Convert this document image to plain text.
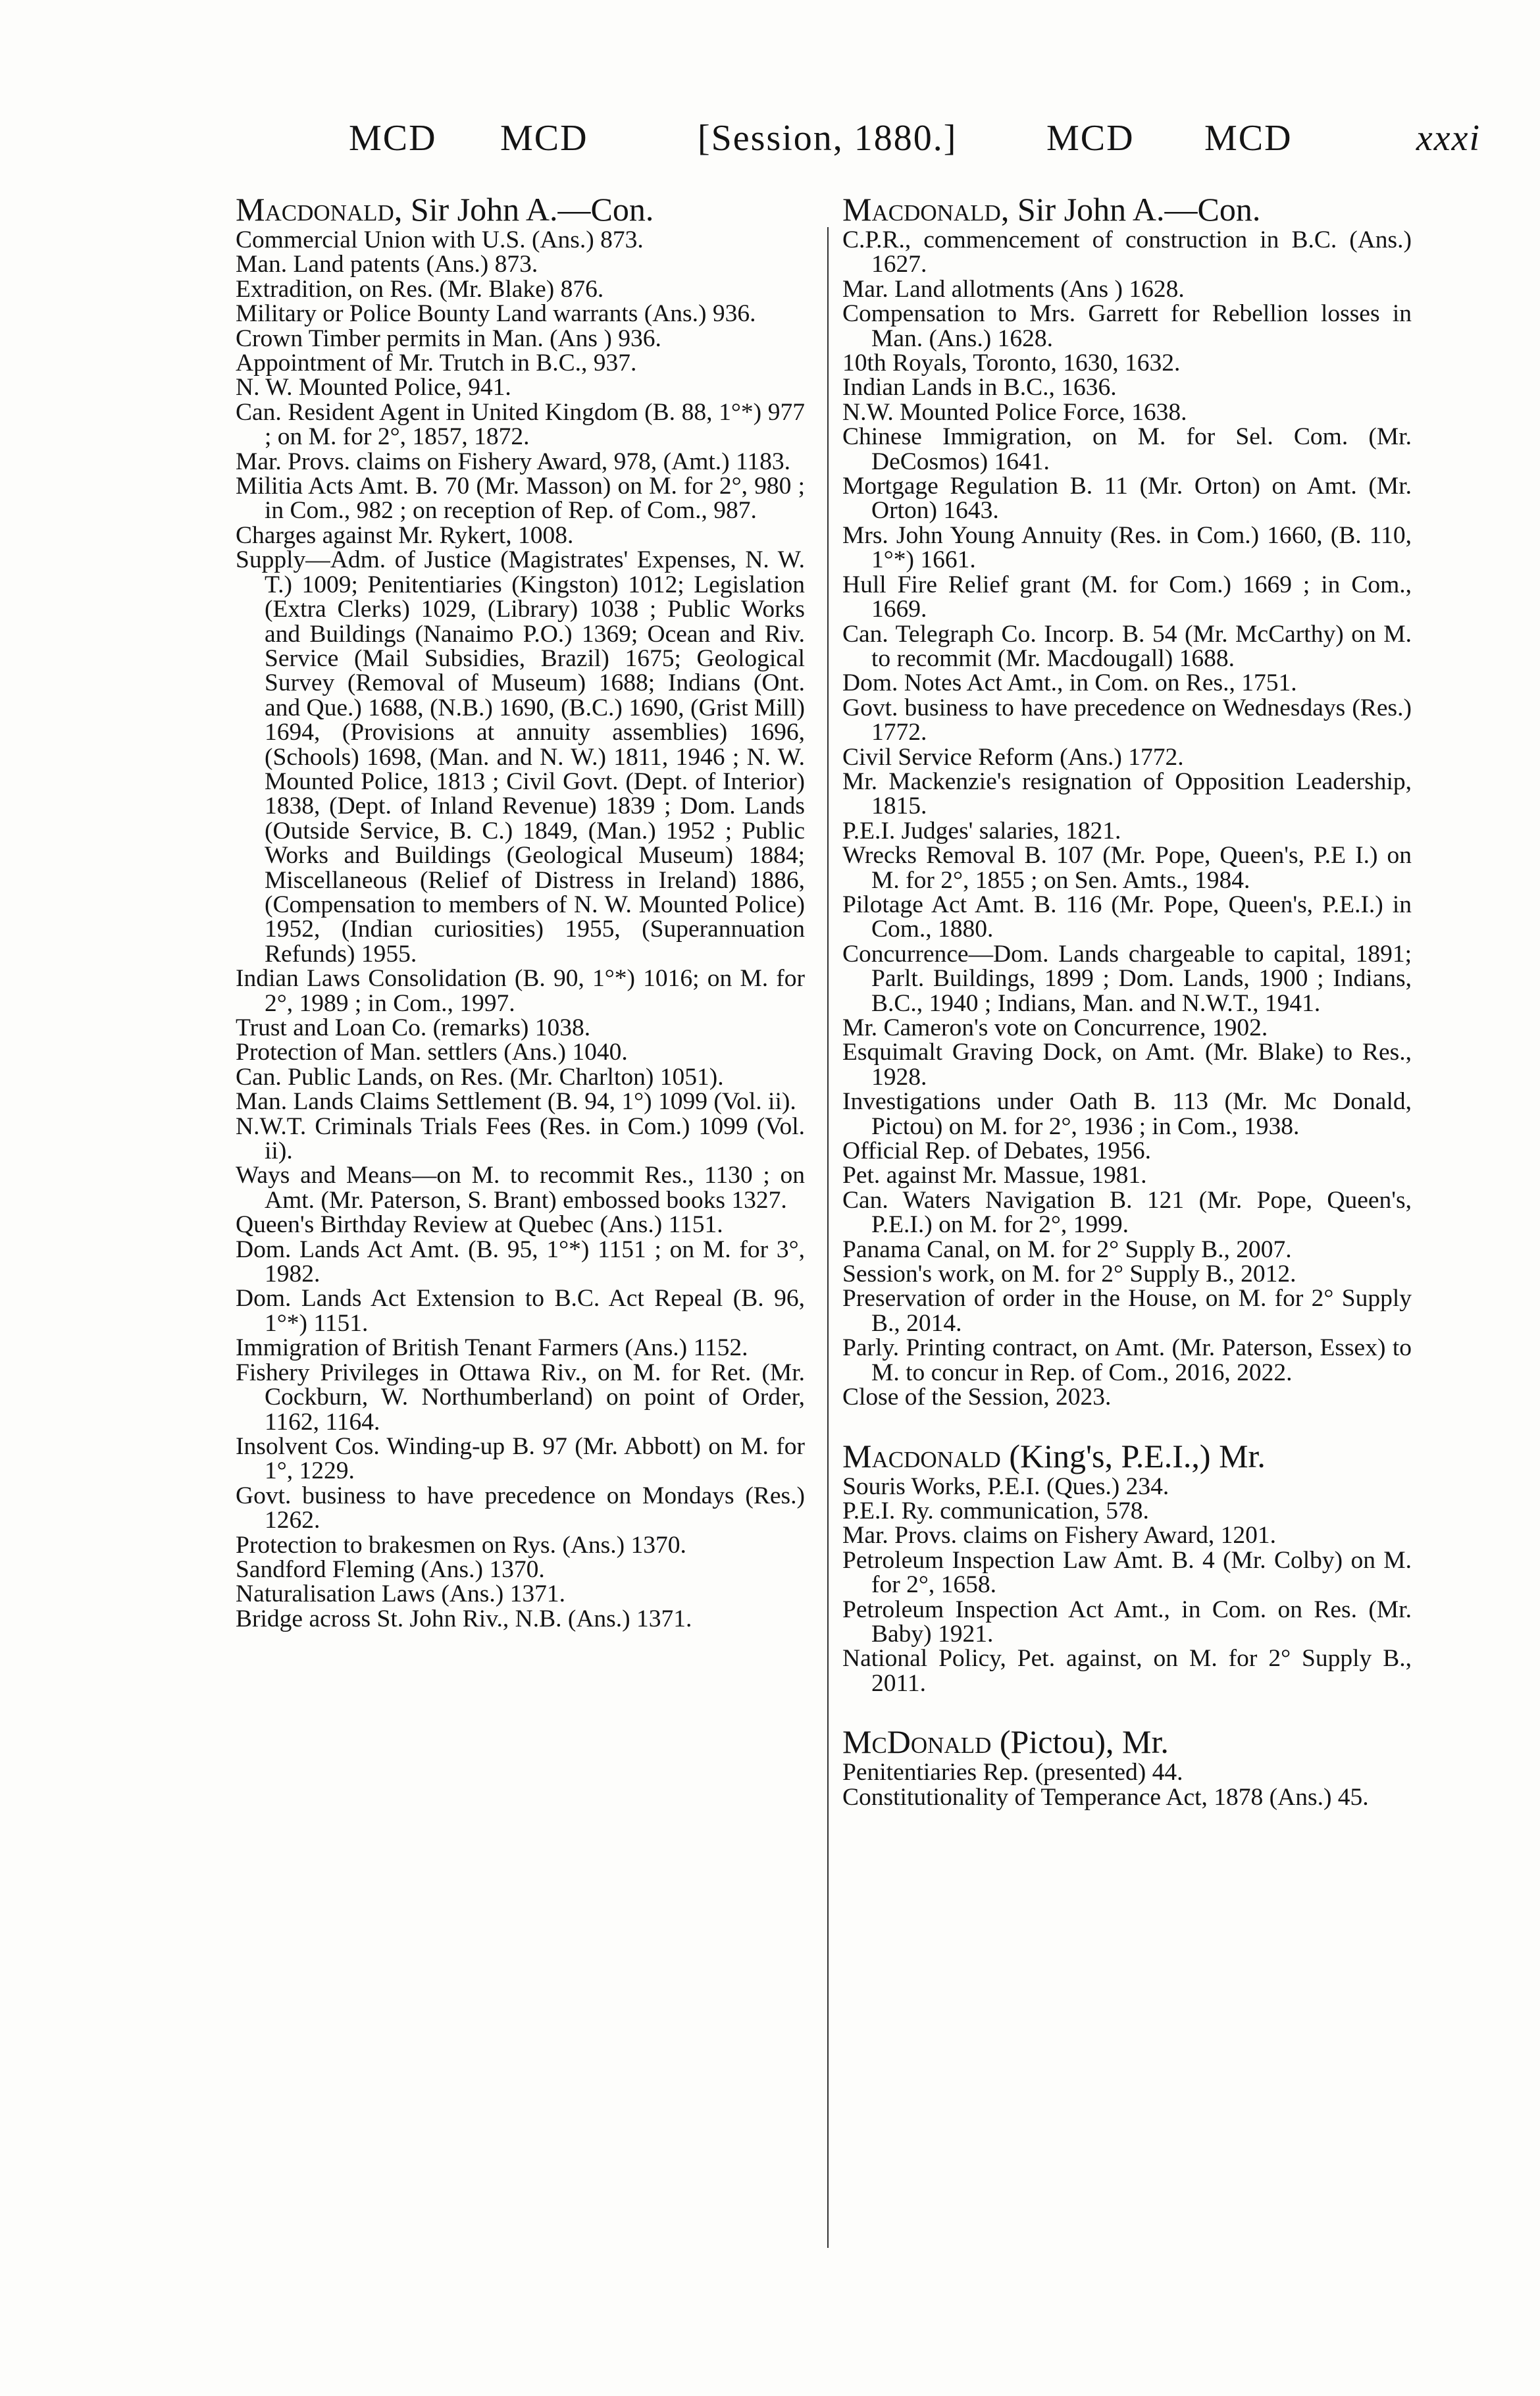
MCD MCD	[Session, 1880.] MCD MCD	xxxi
Macdonald, Sir John A.—Con.
Commercial Union with U.S. (Ans.) 873.
Man. Land patents (Ans.) 873.
Extradition, on Res. (Mr. Blake) 876.
Military or Police Bounty Land warrants (Ans.) 936.
Crown Timber permits in Man. (Ans ) 936.
Appointment of Mr. Trutch in B.C., 937.
N. W. Mounted Police, 941.
Can. Resident Agent in United Kingdom (B. 88, 1°*) 977 ; on M. for 2°, 1857, 1872.
Mar. Provs. claims on Fishery Award, 978, (Amt.) 1183.
Militia Acts Amt. B. 70 (Mr. Masson) on M. for 2°, 980 ; in Com., 982 ; on reception of Rep. of Com., 987.
Charges against Mr. Rykert, 1008.
Supply—Adm. of Justice (Magistrates' Expenses, N. W. T.) 1009; Penitentiaries (Kingston) 1012; Legislation (Extra Clerks) 1029, (Library) 1038 ; Public Works and Buildings (Nanaimo P.O.) 1369; Ocean and Riv. Service (Mail Subsidies, Brazil) 1675; Geological Survey (Removal of Museum) 1688; Indians (Ont. and Que.) 1688, (N.B.) 1690, (B.C.) 1690, (Grist Mill) 1694, (Provisions at annuity assemblies) 1696, (Schools) 1698, (Man. and N. W.) 1811, 1946 ; N. W. Mounted Police, 1813 ; Civil Govt. (Dept. of Interior) 1838, (Dept. of Inland Revenue) 1839 ; Dom. Lands (Outside Service, B. C.) 1849, (Man.) 1952 ; Public Works and Buildings (Geological Museum) 1884; Miscellaneous (Relief of Distress in Ireland) 1886, (Compensation to members of N. W. Mounted Police) 1952, (Indian curiosities) 1955, (Superannuation Refunds) 1955.
Indian Laws Consolidation (B. 90, 1°*) 1016; on M. for 2°, 1989 ; in Com., 1997.
Trust and Loan Co. (remarks) 1038.
Protection of Man. settlers (Ans.) 1040.
Can. Public Lands, on Res. (Mr. Charlton) 1051).
Man. Lands Claims Settlement (B. 94, 1°) 1099 (Vol. ii).
N.W.T. Criminals Trials Fees (Res. in Com.) 1099 (Vol. ii).
Ways and Means—on M. to recommit Res., 1130 ; on Amt. (Mr. Paterson, S. Brant) embossed books 1327.
Queen's Birthday Review at Quebec (Ans.) 1151.
Dom. Lands Act Amt. (B. 95, 1°*) 1151 ; on M. for 3°, 1982.
Dom. Lands Act Extension to B.C. Act Repeal (B. 96, 1°*) 1151.
Immigration of British Tenant Farmers (Ans.) 1152.
Fishery Privileges in Ottawa Riv., on M. for Ret. (Mr. Cockburn, W. Northumberland) on point of Order, 1162, 1164.
Insolvent Cos. Winding-up B. 97 (Mr. Abbott) on M. for 1°, 1229.
Govt. business to have precedence on Mondays (Res.) 1262.
Protection to brakesmen on Rys. (Ans.) 1370.
Sandford Fleming (Ans.) 1370.
Naturalisation Laws (Ans.) 1371.
Bridge across St. John Riv., N.B. (Ans.) 1371.
Macdonald, Sir John A.—Con.
C.P.R., commencement of construction in B.C. (Ans.) 1627.
Mar. Land allotments (Ans ) 1628.
Compensation to Mrs. Garrett for Rebellion losses in Man. (Ans.) 1628.
10th Royals, Toronto, 1630, 1632.
Indian Lands in B.C., 1636.
N.W. Mounted Police Force, 1638.
Chinese Immigration, on M. for Sel. Com. (Mr. DeCosmos) 1641.
Mortgage Regulation B. 11 (Mr. Orton) on Amt. (Mr. Orton) 1643.
Mrs. John Young Annuity (Res. in Com.) 1660, (B. 110, 1°*) 1661.
Hull Fire Relief grant (M. for Com.) 1669 ; in Com., 1669.
Can. Telegraph Co. Incorp. B. 54 (Mr. McCarthy) on M. to recommit (Mr. Macdougall) 1688.
Dom. Notes Act Amt., in Com. on Res., 1751.
Govt. business to have precedence on Wednesdays (Res.) 1772.
Civil Service Reform (Ans.) 1772.
Mr. Mackenzie's resignation of Opposition Leadership, 1815.
P.E.I. Judges' salaries, 1821.
Wrecks Removal B. 107 (Mr. Pope, Queen's, P.E I.) on M. for 2°, 1855 ; on Sen. Amts., 1984.
Pilotage Act Amt. B. 116 (Mr. Pope, Queen's, P.E.I.) in Com., 1880.
Concurrence—Dom. Lands chargeable to capital, 1891; Parlt. Buildings, 1899 ; Dom. Lands, 1900 ; Indians, B.C., 1940 ; Indians, Man. and N.W.T., 1941.
Mr. Cameron's vote on Concurrence, 1902.
Esquimalt Graving Dock, on Amt. (Mr. Blake) to Res., 1928.
Investigations under Oath B. 113 (Mr. Mc Donald, Pictou) on M. for 2°, 1936 ; in Com., 1938.
Official Rep. of Debates, 1956.
Pet. against Mr. Massue, 1981.
Can. Waters Navigation B. 121 (Mr. Pope, Queen's, P.E.I.) on M. for 2°, 1999.
Panama Canal, on M. for 2° Supply B., 2007.
Session's work, on M. for 2° Supply B., 2012.
Preservation of order in the House, on M. for 2° Supply B., 2014.
Parly. Printing contract, on Amt. (Mr. Paterson, Essex) to M. to concur in Rep. of Com., 2016, 2022.
Close of the Session, 2023.
Macdonald (King's, P.E.I.,) Mr.
Souris Works, P.E.I. (Ques.) 234.
P.E.I. Ry. communication, 578.
Mar. Provs. claims on Fishery Award, 1201.
Petroleum Inspection Law Amt. B. 4 (Mr. Colby) on M. for 2°, 1658.
Petroleum Inspection Act Amt., in Com. on Res. (Mr. Baby) 1921.
National Policy, Pet. against, on M. for 2° Supply B., 2011.
McDonald (Pictou), Mr.
Penitentiaries Rep. (presented) 44.
Constitutionality of Temperance Act, 1878 (Ans.) 45.
